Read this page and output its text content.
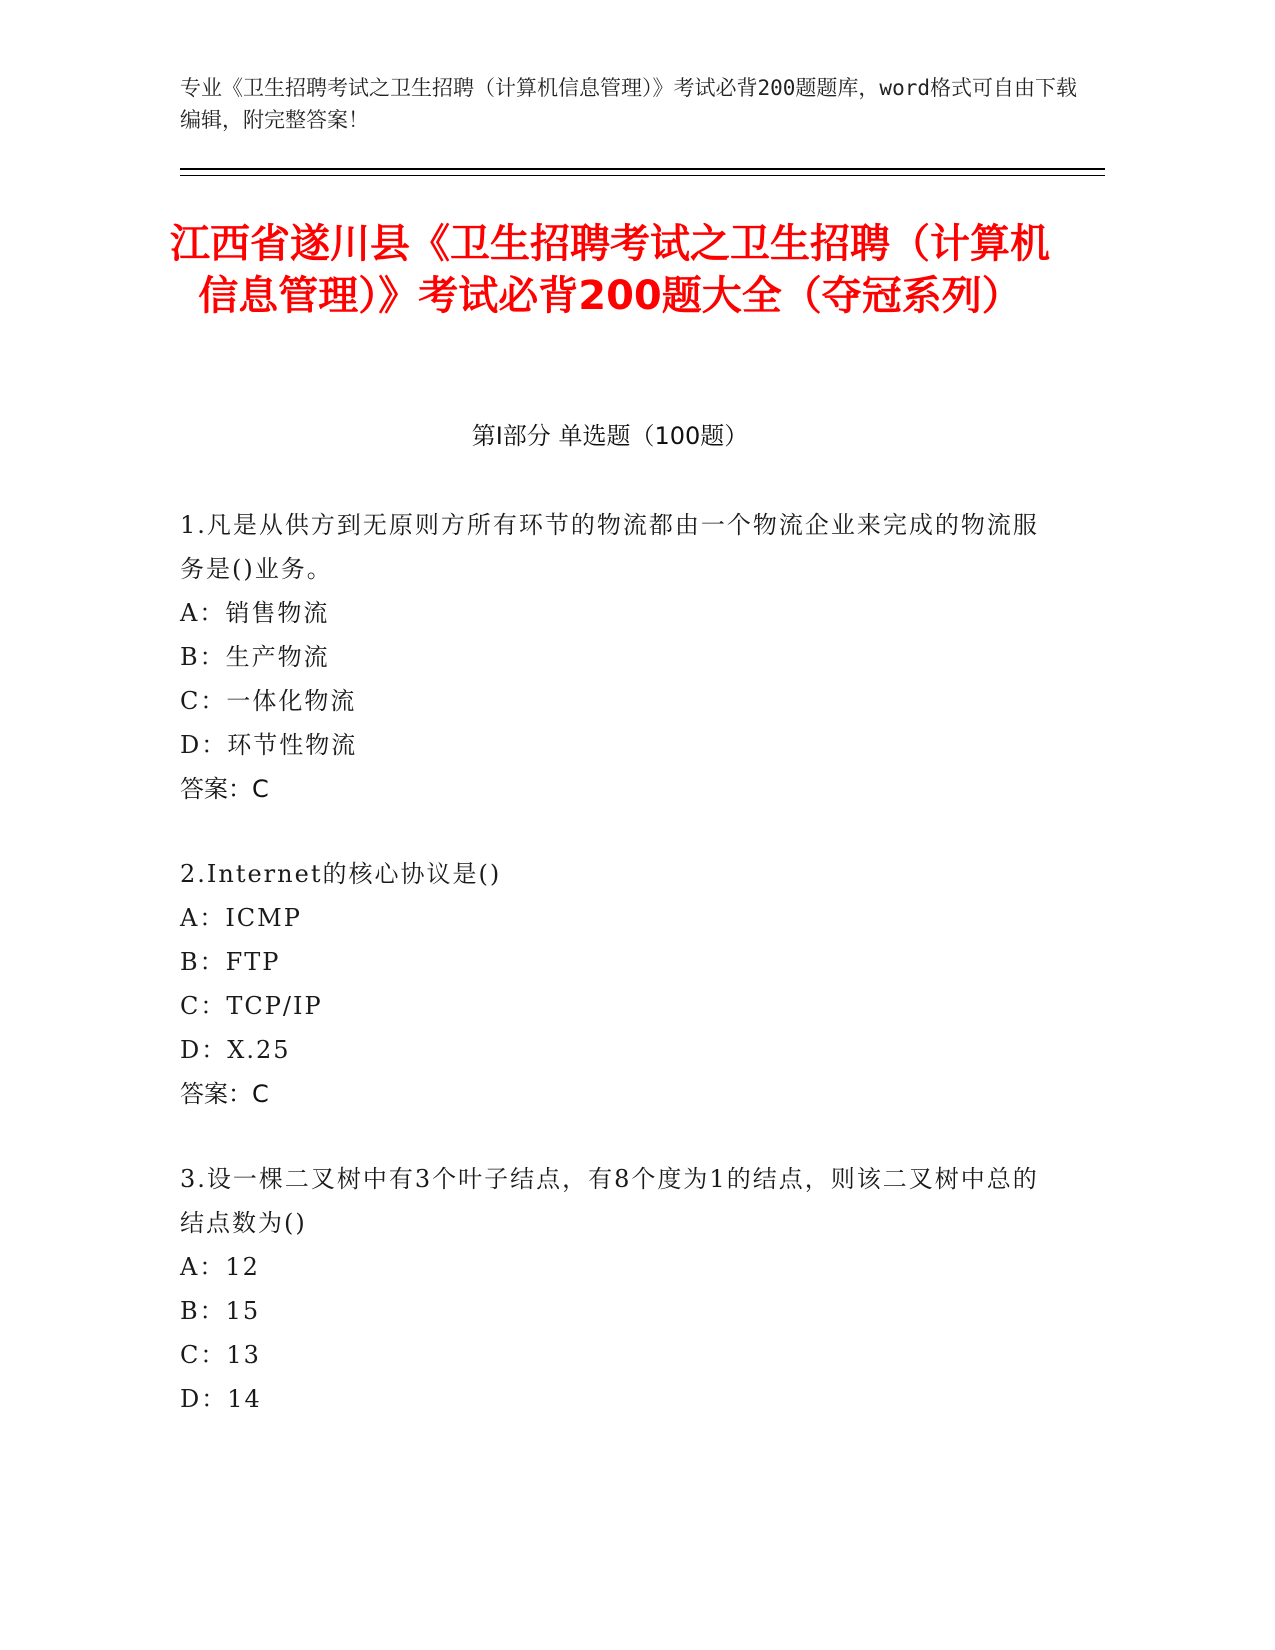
专业《卫生招聘考试之卫生招聘（计算机信息管理）》考试必背200题题库，word格式可自由下载编辑，附完整答案！

江西省遂川县《卫生招聘考试之卫生招聘（计算机信息管理）》考试必背200题大全（夺冠系列）
第I部分 单选题（100题）

1.凡是从供方到无原则方所有环节的物流都由一个物流企业来完成的物流服务是()业务。

A：销售物流

B：生产物流

C：一体化物流

D：环节性物流

答案：C

2.Internet的核心协议是()

A：ICMP

B：FTP

C：TCP/IP

D：X.25

答案：C

3.设一棵二叉树中有3个叶子结点，有8个度为1的结点，则该二叉树中总的结点数为()

A：12

B：15

C：13

D：14
